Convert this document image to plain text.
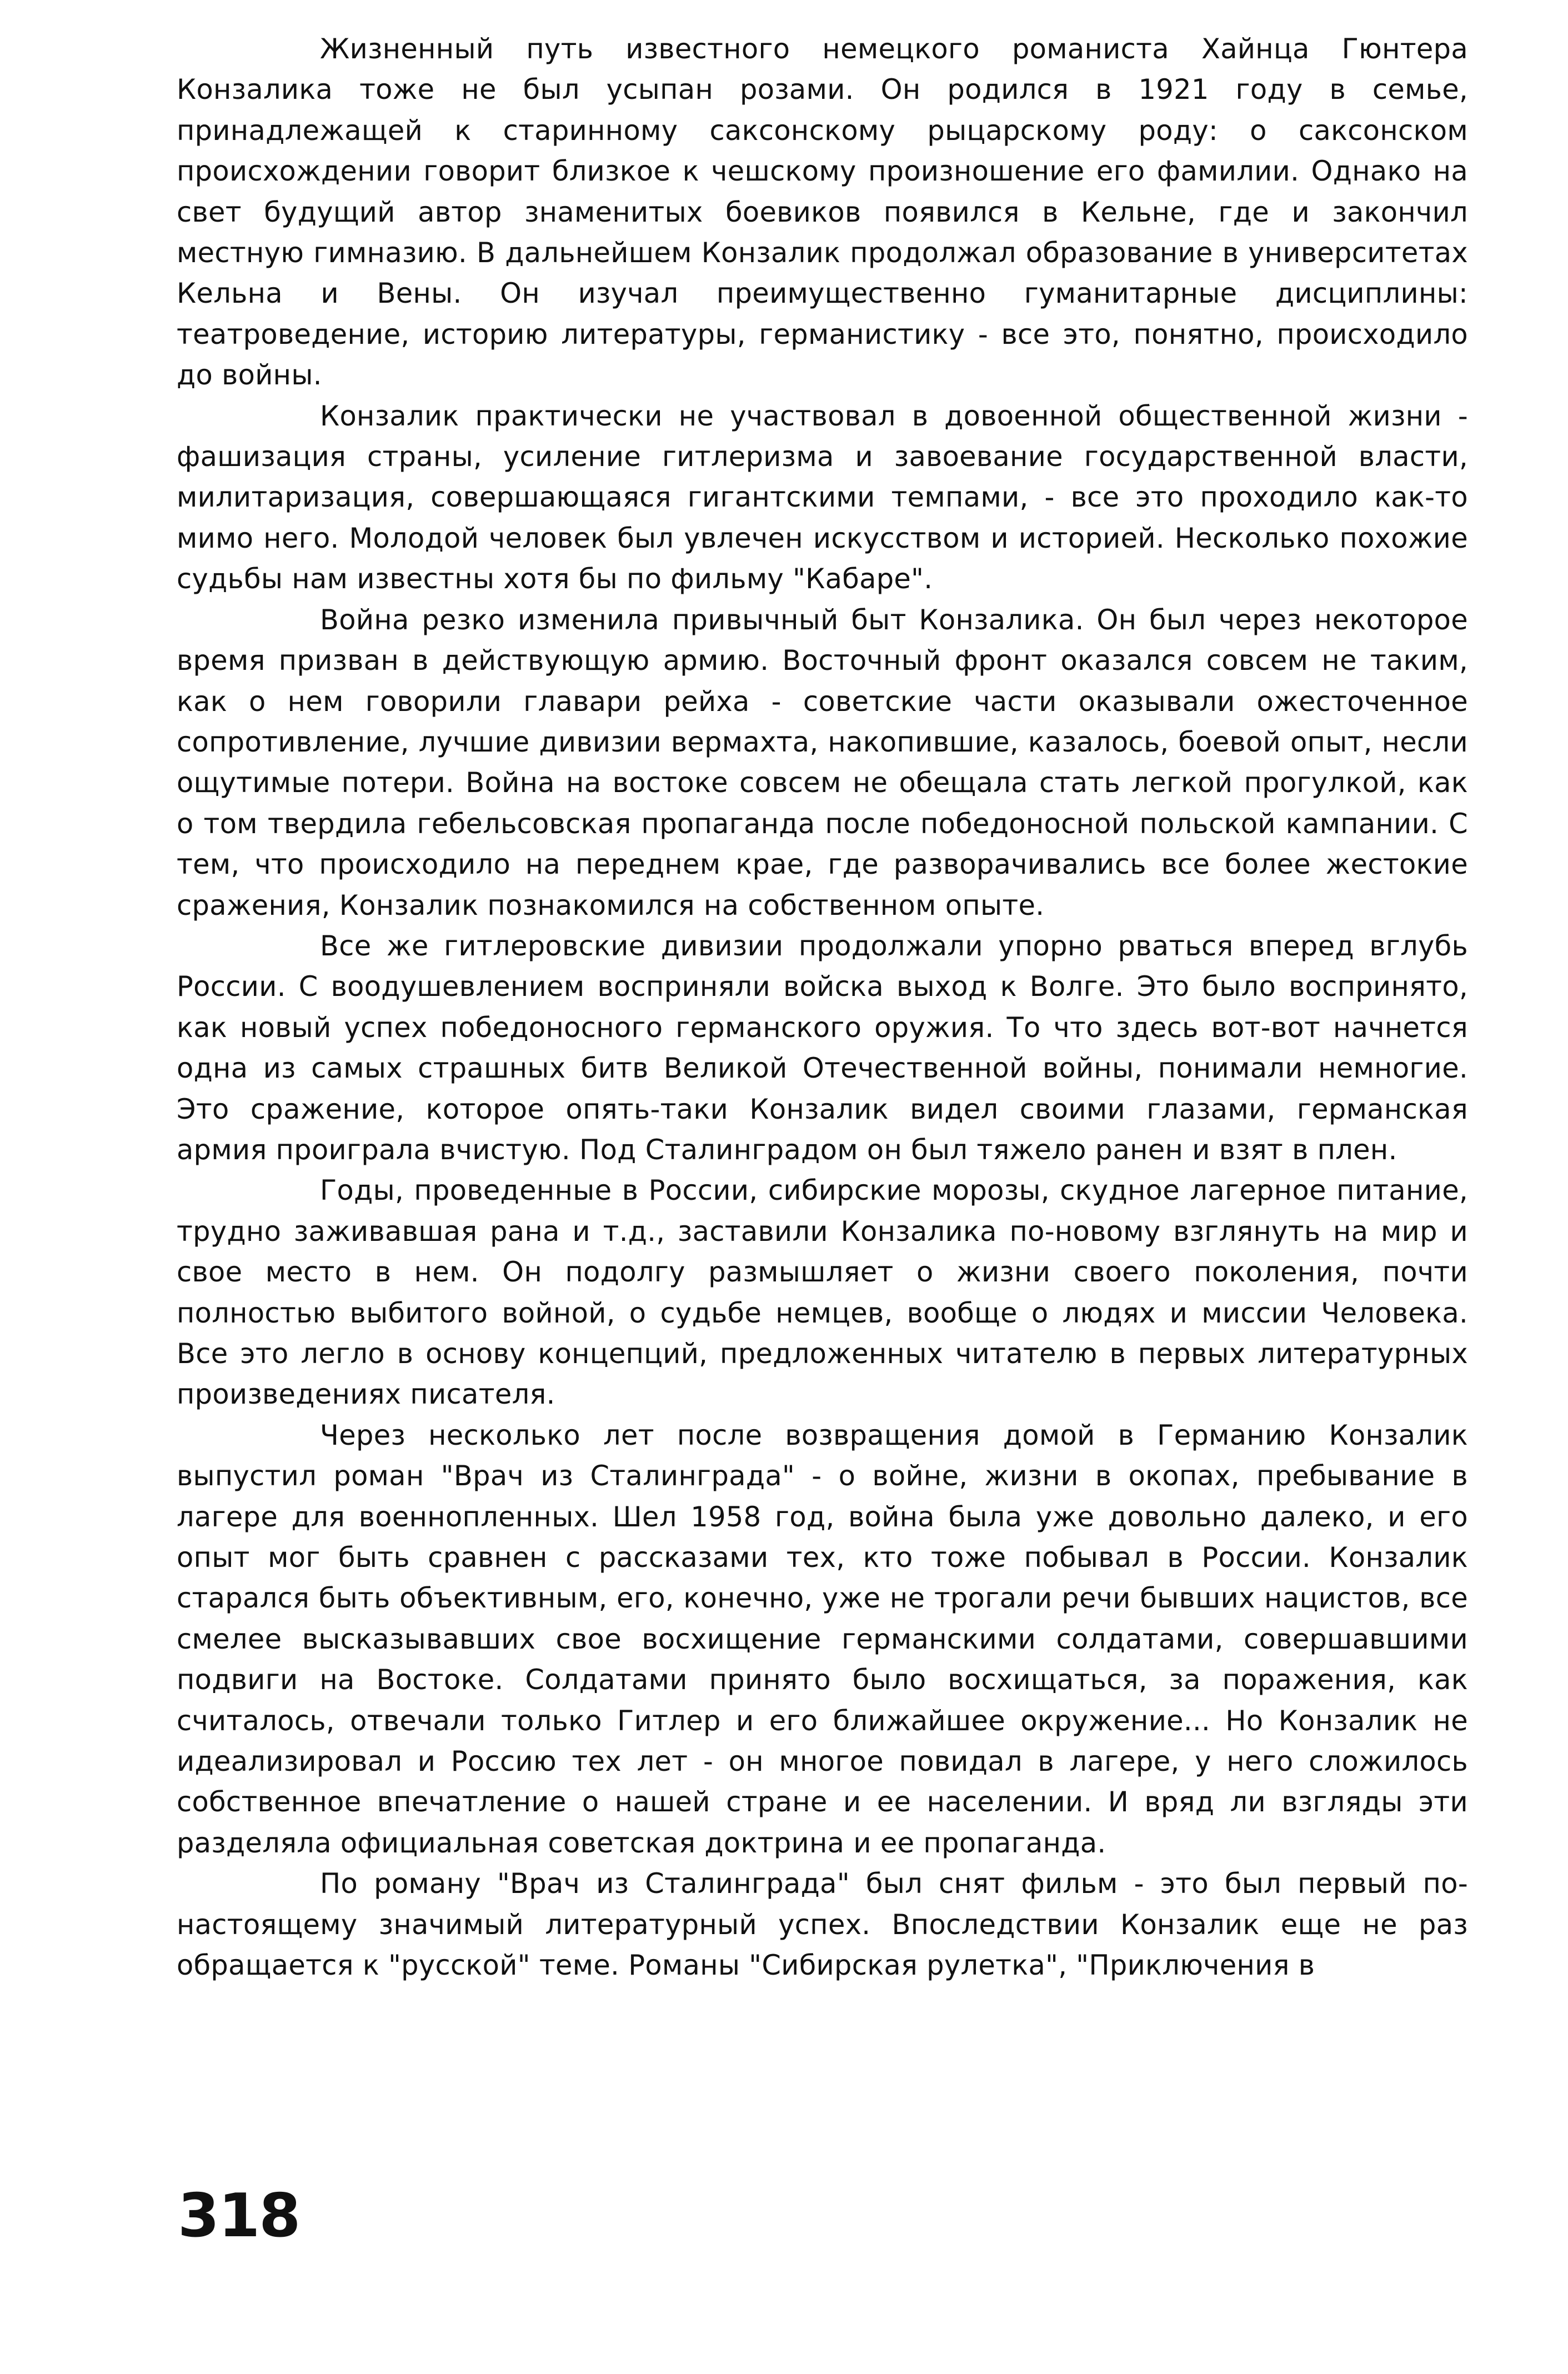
Жизненный путь известного немецкого романиста Хайнца Гюнтера Конзалика тоже не был усыпан розами. Он родился в 1921 году в семье, принадлежащей к старинному саксонскому рыцарскому роду: о саксонском происхождении говорит близкое к чешскому произношение его фамилии. Однако на свет будущий автор знаменитых боевиков появился в Кельне, где и закончил местную гимназию. В дальнейшем Конзалик продолжал образование в университетах Кельна и Вены. Он изучал преимущественно гуманитарные дисциплины: театроведение, историю литературы, германистику - все это, понятно, происходило до войны.

Конзалик практически не участвовал в довоенной общественной жизни - фашизация страны, усиление гитлеризма и завоевание государственной власти, милитаризация, совершающаяся гигантскими темпами, - все это проходило как-то мимо него. Молодой человек был увлечен искусством и историей. Несколько похожие судьбы нам известны хотя бы по фильму "Кабаре".

Война резко изменила привычный быт Конзалика. Он был через некоторое время призван в действующую армию. Восточный фронт оказался совсем не таким, как о нем говорили главари рейха - советские части оказывали ожесточенное сопротивление, лучшие дивизии вермахта, накопившие, казалось, боевой опыт, несли ощутимые потери. Война на востоке совсем не обещала стать легкой прогулкой, как о том твердила гебельсовская пропаганда после победоносной польской кампании. С тем, что происходило на переднем крае, где разворачивались все более жестокие сражения, Конзалик познакомился на собственном опыте.

Все же гитлеровские дивизии продолжали упорно рваться вперед вглубь России. С воодушевлением восприняли войска выход к Волге. Это было воспринято, как новый успех победоносного германского оружия. То что здесь вот-вот начнется одна из самых страшных битв Великой Отечественной войны, понимали немногие. Это сражение, которое опять-таки Конзалик видел своими глазами, германская армия проиграла вчистую. Под Сталинградом он был тяжело ранен и взят в плен.

Годы, проведенные в России, сибирские морозы, скудное лагерное питание, трудно заживавшая рана и т.д., заставили Конзалика по-новому взглянуть на мир и свое место в нем. Он подолгу размышляет о жизни своего поколения, почти полностью выбитого войной, о судьбе немцев, вообще о людях и миссии Человека. Все это легло в основу концепций, предложенных читателю в первых литературных произведениях писателя.

Через несколько лет после возвращения домой в Германию Конзалик выпустил роман "Врач из Сталинграда" - о войне, жизни в окопах, пребывание в лагере для военнопленных. Шел 1958 год, война была уже довольно далеко, и его опыт мог быть сравнен с рассказами тех, кто тоже побывал в России. Конзалик старался быть объективным, его, конечно, уже не трогали речи бывших нацистов, все смелее высказывавших свое восхищение германскими солдатами, совершавшими подвиги на Востоке. Солдатами принято было восхищаться, за поражения, как считалось, отвечали только Гитлер и его ближайшее окружение... Но Конзалик не идеализировал и Россию тех лет - он многое повидал в лагере, у него сложилось собственное впечатление о нашей стране и ее населении. И вряд ли взгляды эти разделяла официальная советская доктрина и ее пропаганда.

По роману "Врач из Сталинграда" был снят фильм - это был первый по-настоящему значимый литературный успех. Впоследствии Конзалик еще не раз обращается к "русской" теме. Романы "Сибирская рулетка", "Приключения в

318
